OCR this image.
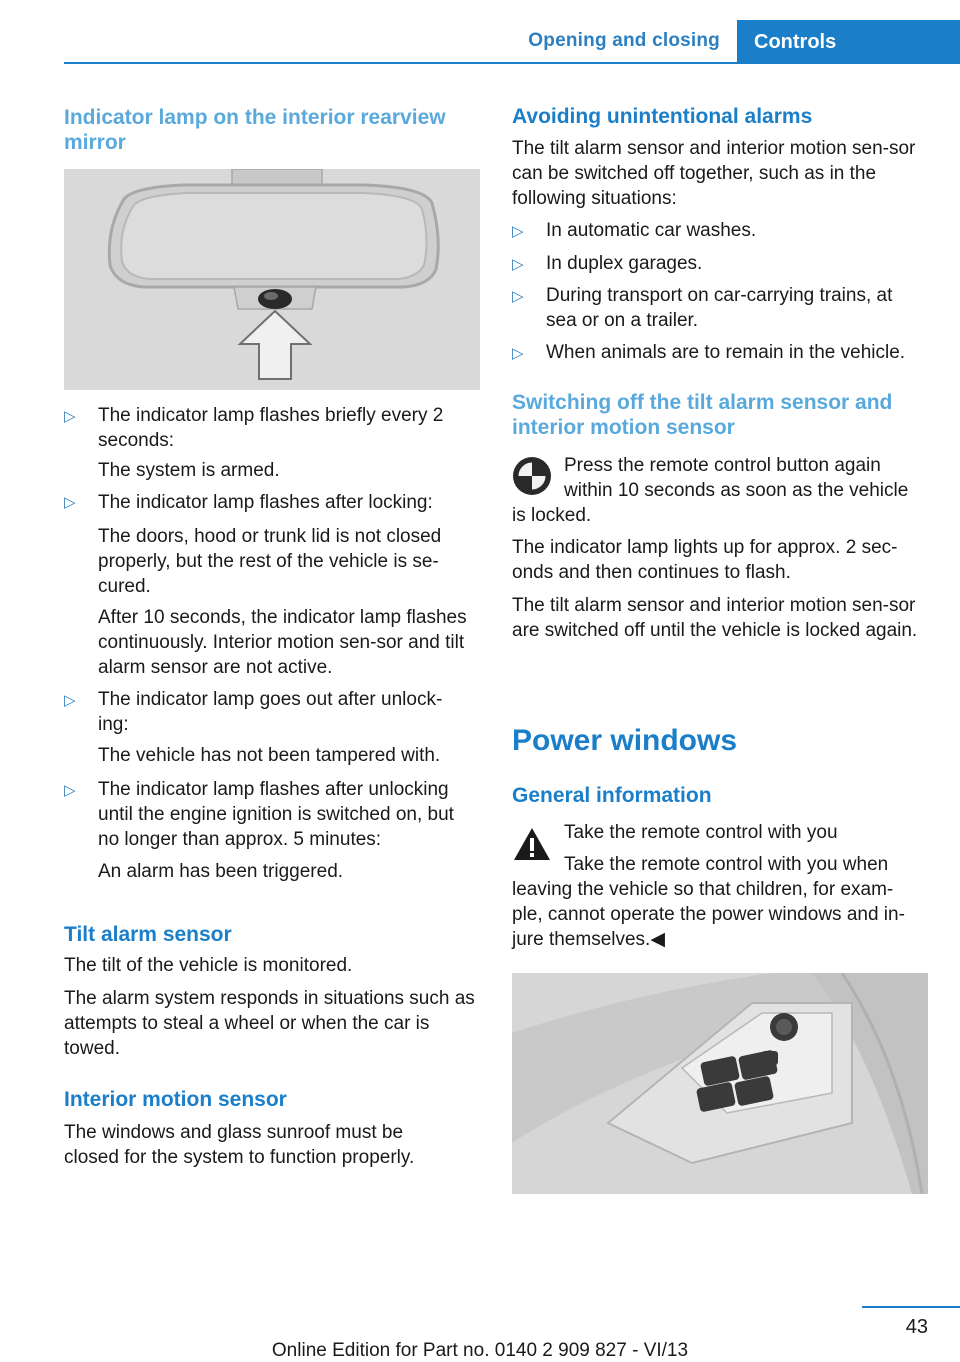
Opening and closing Controls
Indicator lamp on the interior rearview mirror
▷ The indicator lamp flashes briefly every 2 seconds:
The system is armed.
▷ The indicator lamp flashes after locking:
The doors, hood or trunk lid is not closed properly, but the rest of the vehicle is se‐cured.
After 10 seconds, the indicator lamp flashes continuously. Interior motion sen‐sor and tilt alarm sensor are not active.
▷ The indicator lamp goes out after unlock‐ing:
The vehicle has not been tampered with.
▷ The indicator lamp flashes after unlocking until the engine ignition is switched on, but no longer than approx. 5 minutes:
An alarm has been triggered.
Tilt alarm sensor
The tilt of the vehicle is monitored.
The alarm system responds in situations such as attempts to steal a wheel or when the car is towed.
Interior motion sensor
The windows and glass sunroof must be closed for the system to function properly.
Avoiding unintentional alarms
The tilt alarm sensor and interior motion sen‐sor can be switched off together, such as in the following situations:
▷ In automatic car washes.
▷ In duplex garages.
▷ During transport on car-carrying trains, at sea or on a trailer.
▷ When animals are to remain in the vehicle.
Switching off the tilt alarm sensor and interior motion sensor
Press the remote control button again within 10 seconds as soon as the vehicle
is locked.
The indicator lamp lights up for approx. 2 sec‐onds and then continues to flash.
The tilt alarm sensor and interior motion sen‐sor are switched off until the vehicle is locked again.
Power windows
General information
Take the remote control with you
Take the remote control with you when
leaving the vehicle so that children, for exam‐ ple, cannot operate the power windows and in‐ jure themselves.◀
43
Online Edition for Part no. 0140 2 909 827 - VI/13
